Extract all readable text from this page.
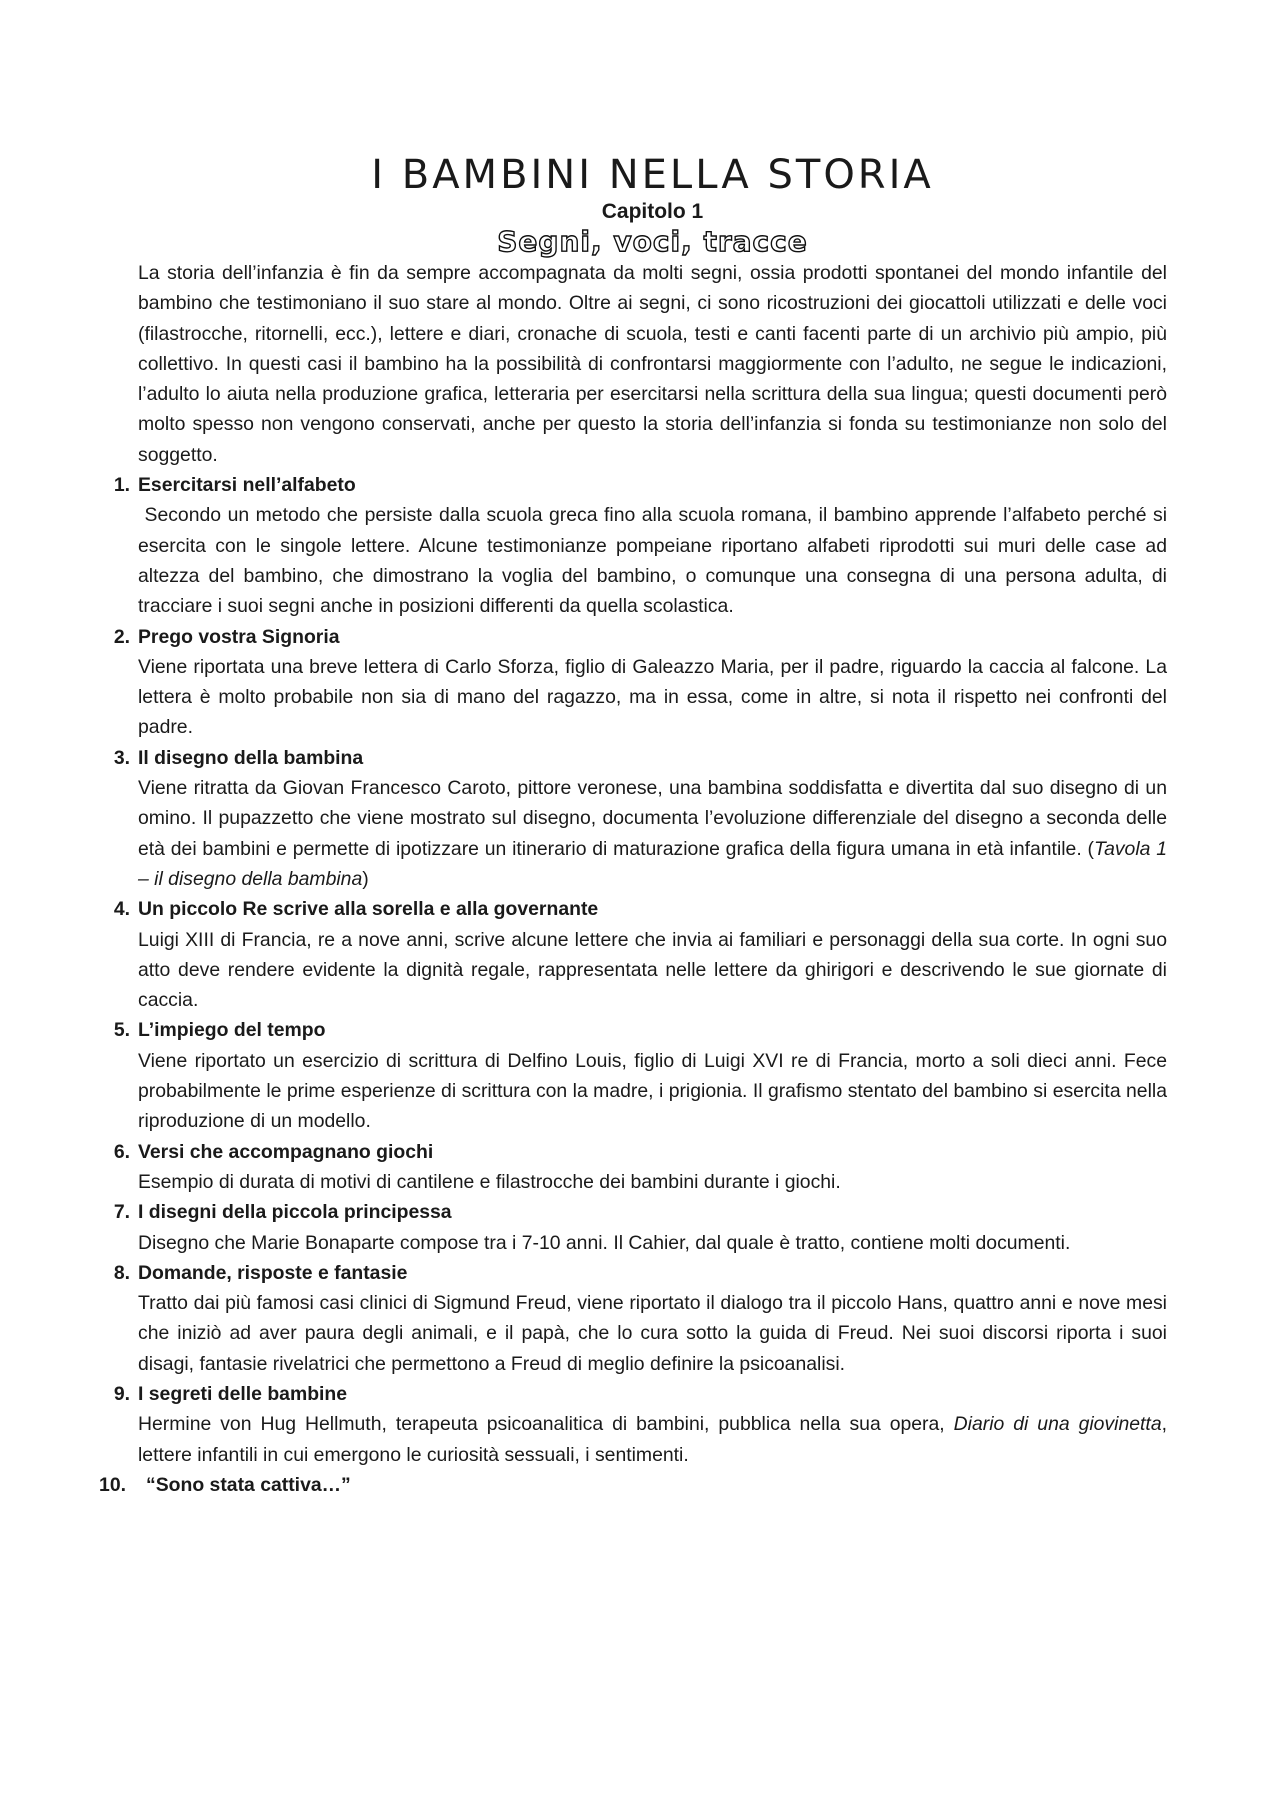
I BAMBINI NELLA STORIA

Capitolo 1

Segni, voci, tracce

La storia dell’infanzia è fin da sempre accompagnata da molti segni, ossia prodotti spontanei del mondo infantile del bambino che testimoniano il suo stare al mondo. Oltre ai segni, ci sono ricostruzioni dei giocattoli utilizzati e delle voci (filastrocche, ritornelli, ecc.), lettere e diari, cronache di scuola, testi e canti facenti parte di un archivio più ampio, più collettivo. In questi casi il bambino ha la possibilità di confrontarsi maggiormente con l’adulto, ne segue le indicazioni, l’adulto lo aiuta nella produzione grafica, letteraria per esercitarsi nella scrittura della sua lingua; questi documenti però molto spesso non vengono conservati, anche per questo la storia dell’infanzia si fonda su testimonianze non solo del soggetto.

1. Esercitarsi nell’alfabeto

Secondo un metodo che persiste dalla scuola greca fino alla scuola romana, il bambino apprende l’alfabeto perché si esercita con le singole lettere. Alcune testimonianze pompeiane riportano alfabeti riprodotti sui muri delle case ad altezza del bambino, che dimostrano la voglia del bambino, o comunque una consegna di una persona adulta, di tracciare i suoi segni anche in posizioni differenti da quella scolastica.

2. Prego vostra Signoria

Viene riportata una breve lettera di Carlo Sforza, figlio di Galeazzo Maria, per il padre, riguardo la caccia al falcone. La lettera è molto probabile non sia di mano del ragazzo, ma in essa, come in altre, si nota il rispetto nei confronti del padre.

3. Il disegno della bambina

Viene ritratta da Giovan Francesco Caroto, pittore veronese, una bambina soddisfatta e divertita dal suo disegno di un omino. Il pupazzetto che viene mostrato sul disegno, documenta l’evoluzione differenziale del disegno a seconda delle età dei bambini e permette di ipotizzare un itinerario di maturazione grafica della figura umana in età infantile. (Tavola 1 – il disegno della bambina)

4. Un piccolo Re scrive alla sorella e alla governante

Luigi XIII di Francia, re a nove anni, scrive alcune lettere che invia ai familiari e personaggi della sua corte. In ogni suo atto deve rendere evidente la dignità regale, rappresentata nelle lettere da ghirigori e descrivendo le sue giornate di caccia.

5. L’impiego del tempo

Viene riportato un esercizio di scrittura di Delfino Louis, figlio di Luigi XVI re di Francia, morto a soli dieci anni. Fece probabilmente le prime esperienze di scrittura con la madre, i prigionia. Il grafismo stentato del bambino si esercita nella riproduzione di un modello.

6. Versi che accompagnano giochi

Esempio di durata di motivi di cantilene e filastrocche dei bambini durante i giochi.

7. I disegni della piccola principessa

Disegno che Marie Bonaparte compose tra i 7-10 anni. Il Cahier, dal quale è tratto, contiene molti documenti.

8. Domande, risposte e fantasie

Tratto dai più famosi casi clinici di Sigmund Freud, viene riportato il dialogo tra il piccolo Hans, quattro anni e nove mesi che iniziò ad aver paura degli animali, e il papà, che lo cura sotto la guida di Freud. Nei suoi discorsi riporta i suoi disagi, fantasie rivelatrici che permettono a Freud di meglio definire la psicoanalisi.

9. I segreti delle bambine

Hermine von Hug Hellmuth, terapeuta psicoanalitica di bambini, pubblica nella sua opera, Diario di una giovinetta, lettere infantili in cui emergono le curiosità sessuali, i sentimenti.

10.	“Sono stata cattiva…”
